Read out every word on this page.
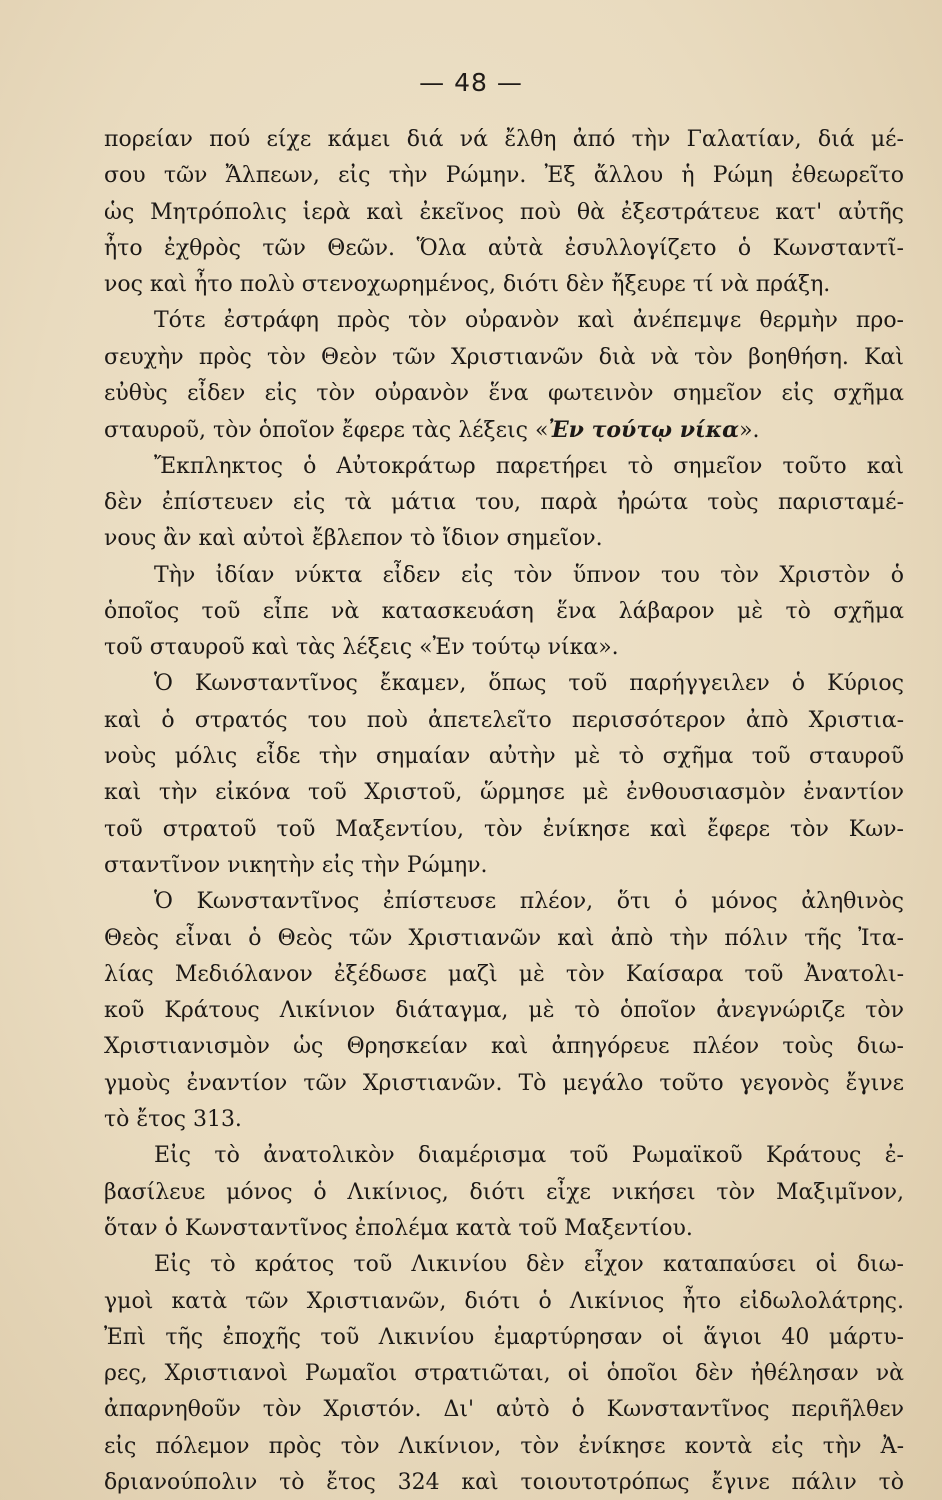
— 48 —
πορείαν πού είχε κάμει διά νά ἔλθη ἀπό τὴν Γαλατίαν, διά μέ-
σου τῶν Ἄλπεων, εἰς τὴν Ρώμην. Ἐξ ἄλλου ἡ Ρώμη ἐθεωρεῖτο
ὡς Μητρόπολις ἱερὰ καὶ ἐκεῖνος ποὺ θὰ ἐξεστράτευε κατ' αὐτῆς
ἦτο ἐχθρὸς τῶν Θεῶν. Ὅλα αὐτὰ ἐσυλλογίζετο ὁ Κωνσταντῖ-
νος καὶ ἦτο πολὺ στενοχωρημένος, διότι δὲν ἤξευρε τί νὰ πράξη.
Τότε ἐστράφη πρὸς τὸν οὐρανὸν καὶ ἀνέπεμψε θερμὴν προ-
σευχὴν πρὸς τὸν Θεὸν τῶν Χριστιανῶν διὰ νὰ τὸν βοηθήση. Καὶ
εὐθὺς εἶδεν εἰς τὸν οὐρανὸν ἕνα φωτεινὸν σημεῖον εἰς σχῆμα
σταυροῦ, τὸν ὁποῖον ἔφερε τὰς λέξεις «Ἐν τούτῳ νίκα».
Ἔκπληκτος ὁ Αὐτοκράτωρ παρετήρει τὸ σημεῖον τοῦτο καὶ
δὲν ἐπίστευεν εἰς τὰ μάτια του, παρὰ ἠρώτα τοὺς παρισταμέ-
νους ἂν καὶ αὐτοὶ ἔβλεπον τὸ ἴδιον σημεῖον.
Τὴν ἰδίαν νύκτα εἶδεν εἰς τὸν ὕπνον του τὸν Χριστὸν ὁ
ὁποῖος τοῦ εἶπε νὰ κατασκευάση ἕνα λάβαρον μὲ τὸ σχῆμα
τοῦ σταυροῦ καὶ τὰς λέξεις «Ἐν τούτῳ νίκα».
Ὁ Κωνσταντῖνος ἔκαμεν, ὅπως τοῦ παρήγγειλεν ὁ Κύριος
καὶ ὁ στρατός του ποὺ ἀπετελεῖτο περισσότερον ἀπὸ Χριστια-
νοὺς μόλις εἶδε τὴν σημαίαν αὐτὴν μὲ τὸ σχῆμα τοῦ σταυροῦ
καὶ τὴν εἰκόνα τοῦ Χριστοῦ, ὥρμησε μὲ ἐνθουσιασμὸν ἐναντίον
τοῦ στρατοῦ τοῦ Μαξεντίου, τὸν ἐνίκησε καὶ ἔφερε τὸν Κων-
σταντῖνον νικητὴν εἰς τὴν Ρώμην.
Ὁ Κωνσταντῖνος ἐπίστευσε πλέον, ὅτι ὁ μόνος ἀληθινὸς
Θεὸς εἶναι ὁ Θεὸς τῶν Χριστιανῶν καὶ ἀπὸ τὴν πόλιν τῆς Ἰτα-
λίας Μεδιόλανον ἐξέδωσε μαζὶ μὲ τὸν Καίσαρα τοῦ Ἀνατολι-
κοῦ Κράτους Λικίνιον διάταγμα, μὲ τὸ ὁποῖον ἀνεγνώριζε τὸν
Χριστιανισμὸν ὡς Θρησκείαν καὶ ἀπηγόρευε πλέον τοὺς διω-
γμοὺς ἐναντίον τῶν Χριστιανῶν. Τὸ μεγάλο τοῦτο γεγονὸς ἔγινε
τὸ ἔτος 313.
Εἰς τὸ ἀνατολικὸν διαμέρισμα τοῦ Ρωμαϊκοῦ Κράτους ἐ-
βασίλευε μόνος ὁ Λικίνιος, διότι εἶχε νικήσει τὸν Μαξιμῖνον,
ὅταν ὁ Κωνσταντῖνος ἐπολέμα κατὰ τοῦ Μαξεντίου.
Εἰς τὸ κράτος τοῦ Λικινίου δὲν εἶχον καταπαύσει οἱ διω-
γμοὶ κατὰ τῶν Χριστιανῶν, διότι ὁ Λικίνιος ἦτο εἰδωλολάτρης.
Ἐπὶ τῆς ἐποχῆς τοῦ Λικινίου ἐμαρτύρησαν οἱ ἅγιοι 40 μάρτυ-
ρες, Χριστιανοὶ Ρωμαῖοι στρατιῶται, οἱ ὁποῖοι δὲν ἠθέλησαν νὰ
ἀπαρνηθοῦν τὸν Χριστόν. Δι' αὐτὸ ὁ Κωνσταντῖνος περιῆλθεν
εἰς πόλεμον πρὸς τὸν Λικίνιον, τὸν ἐνίκησε κοντὰ εἰς τὴν Ἀ-
δριανούπολιν τὸ ἔτος 324 καὶ τοιουτοτρόπως ἔγινε πάλιν τὸ
